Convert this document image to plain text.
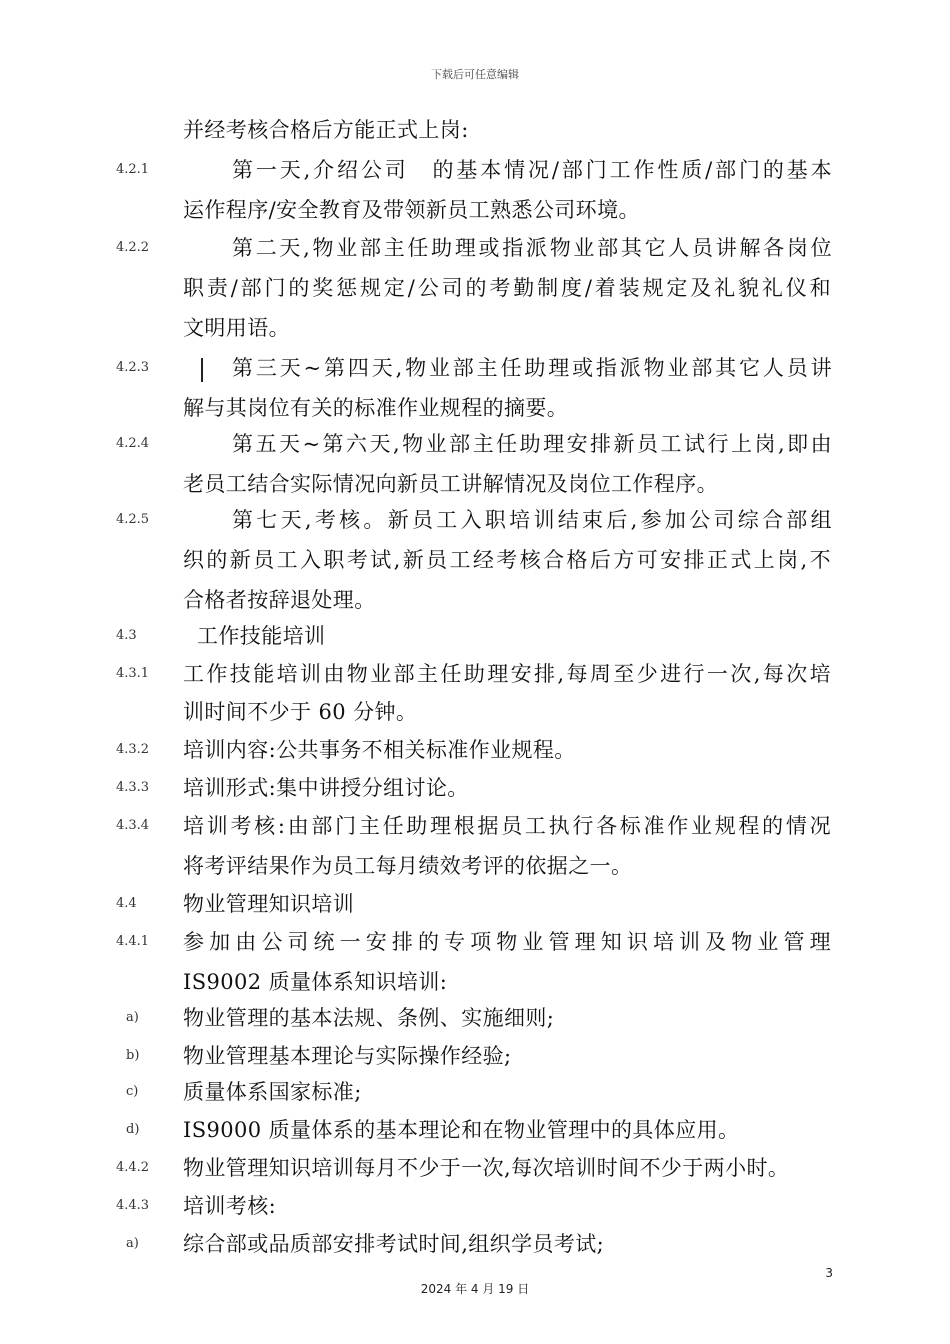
下载后可任意编辑
并经考核合格后方能正式上岗:
4.2.1	第一天,介绍公司　的基本情况/部门工作性质/部门的基本
运作程序/安全教育及带领新员工熟悉公司环境。
4.2.2	第二天,物业部主任助理或指派物业部其它人员讲解各岗位
职责/部门的奖惩规定/公司的考勤制度/着装规定及礼貌礼仪和
文明用语。
4.2.3	第三天~第四天,物业部主任助理或指派物业部其它人员讲
解与其岗位有关的标准作业规程的摘要。
4.2.4	第五天~第六天,物业部主任助理安排新员工试行上岗,即由
老员工结合实际情况向新员工讲解情况及岗位工作程序。
4.2.5	第七天,考核。新员工入职培训结束后,参加公司综合部组
织的新员工入职考试,新员工经考核合格后方可安排正式上岗,不
合格者按辞退处理。
4.3	工作技能培训
4.3.1 工作技能培训由物业部主任助理安排,每周至少进行一次,每次培
训时间不少于 60 分钟。
4.3.2 培训内容:公共事务不相关标准作业规程。
4.3.3 培训形式:集中讲授分组讨论。
4.3.4 培训考核:由部门主任助理根据员工执行各标准作业规程的情况
将考评结果作为员工每月绩效考评的依据之一。
4.4 物业管理知识培训
4.4.1 参加由公司统一安排的专项物业管理知识培训及物业管理
IS9002 质量体系知识培训:
a) 物业管理的基本法规、条例、实施细则;
b) 物业管理基本理论与实际操作经验;
c) 质量体系国家标准;
d) IS9000 质量体系的基本理论和在物业管理中的具体应用。
4.4.2 物业管理知识培训每月不少于一次,每次培训时间不少于两小时。
4.4.3 培训考核:
a) 综合部或品质部安排考试时间,组织学员考试;
3
2024 年 4 月 19 日
